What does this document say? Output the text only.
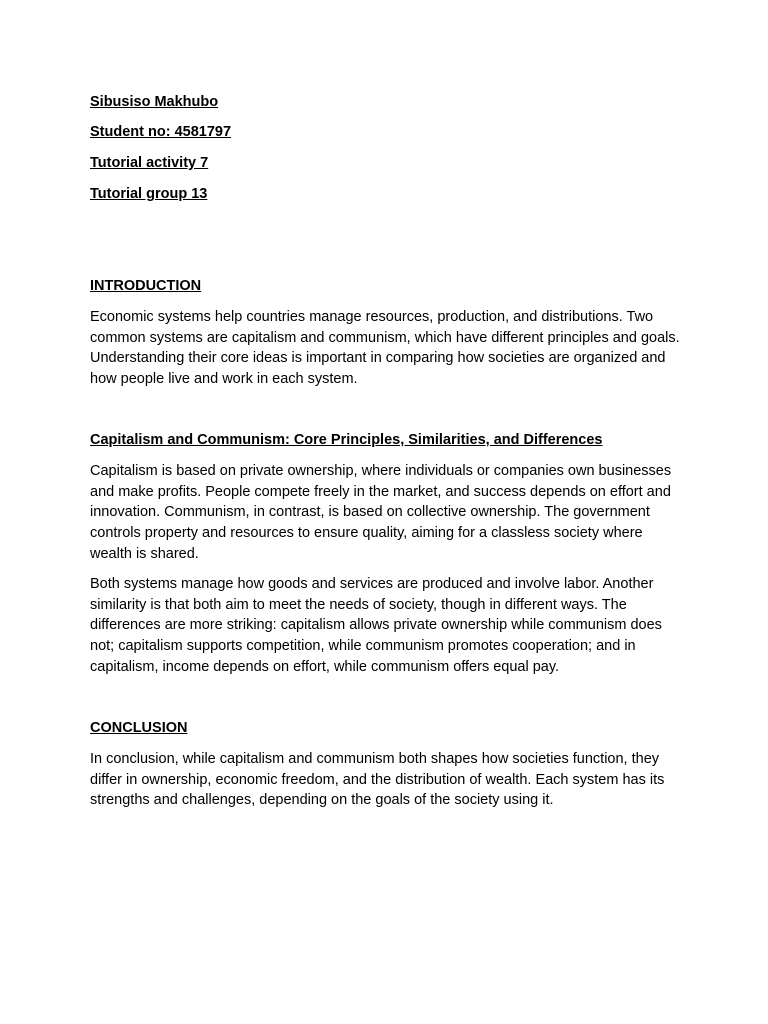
Sibusiso Makhubo

Student no: 4581797

Tutorial activity 7

Tutorial group 13

INTRODUCTION

Economic systems help countries manage resources, production, and distributions. Two common systems are capitalism and communism, which have different principles and goals. Understanding their core ideas is important in comparing how societies are organized and how people live and work in each system.

Capitalism and Communism: Core Principles, Similarities, and Differences

Capitalism is based on private ownership, where individuals or companies own businesses and make profits. People compete freely in the market, and success depends on effort and innovation. Communism, in contrast, is based on collective ownership. The government controls property and resources to ensure quality, aiming for a classless society where wealth is shared.

Both systems manage how goods and services are produced and involve labor. Another similarity is that both aim to meet the needs of society, though in different ways. The differences are more striking: capitalism allows private ownership while communism does not; capitalism supports competition, while communism promotes cooperation; and in capitalism, income depends on effort, while communism offers equal pay.

CONCLUSION

In conclusion, while capitalism and communism both shapes how societies function, they differ in ownership, economic freedom, and the distribution of wealth. Each system has its strengths and challenges, depending on the goals of the society using it.
